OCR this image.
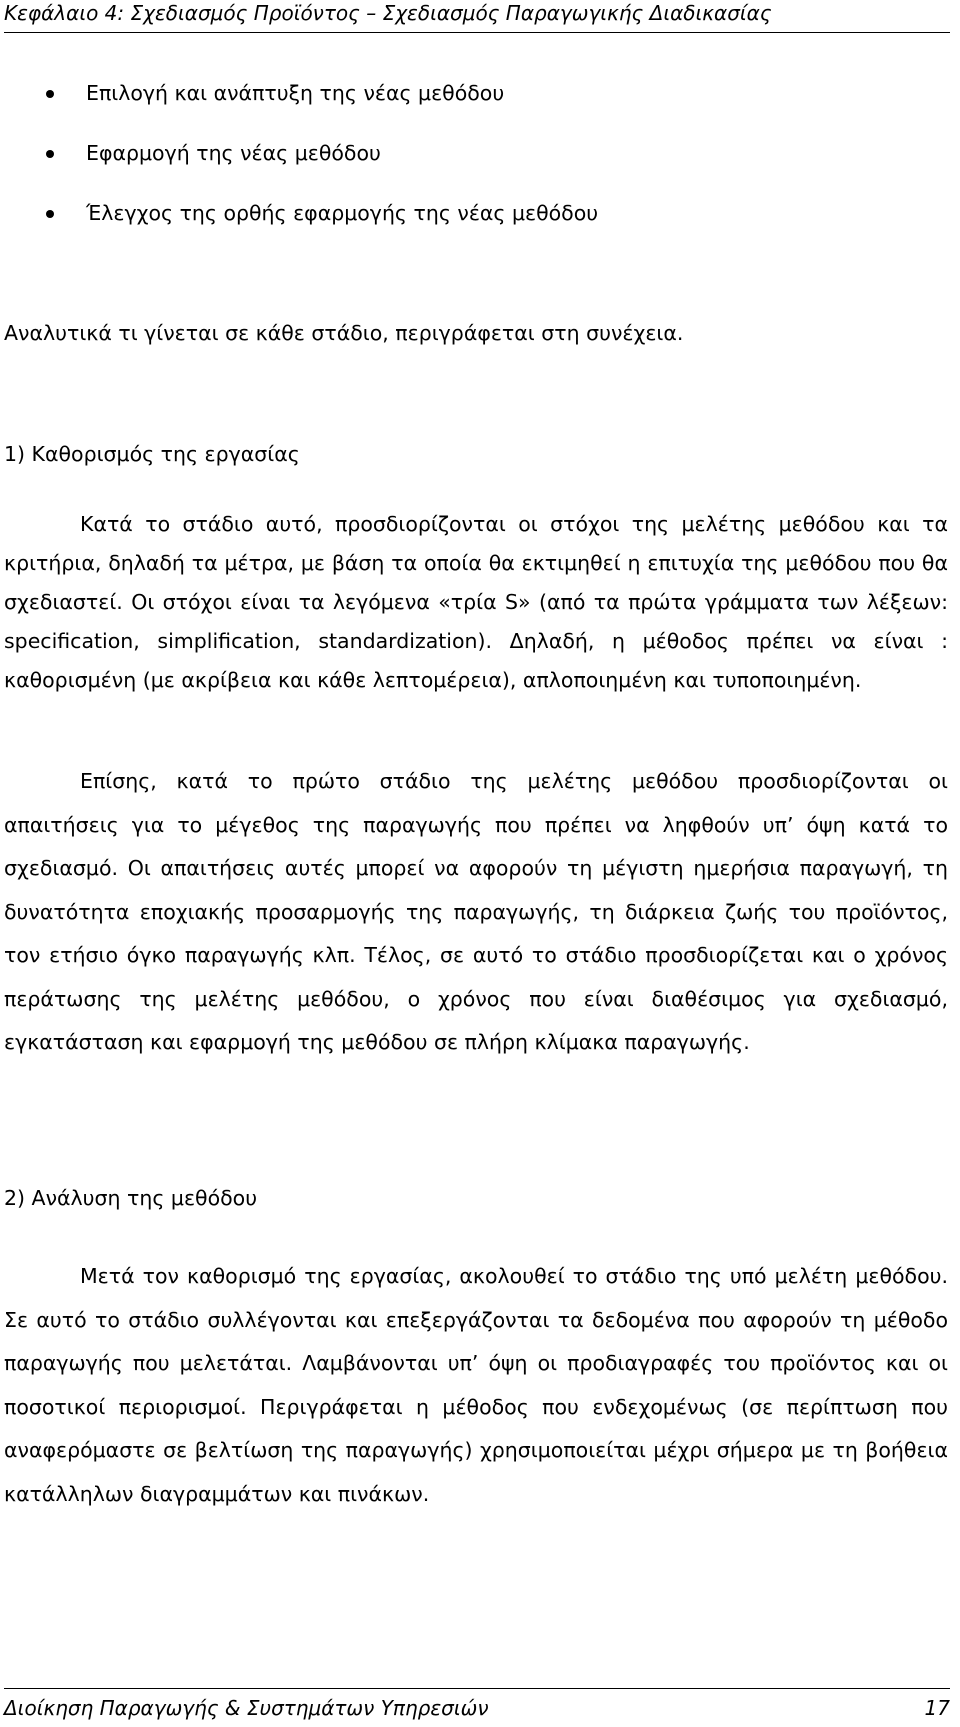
Κεφάλαιο 4: Σχεδιασμός Προϊόντος – Σχεδιασμός Παραγωγικής Διαδικασίας
Επιλογή και ανάπτυξη της νέας μεθόδου
Εφαρμογή της νέας μεθόδου
Έλεγχος της ορθής εφαρμογής της νέας μεθόδου
Αναλυτικά τι γίνεται σε κάθε στάδιο, περιγράφεται στη συνέχεια.
1) Καθορισμός της εργασίας

Κατά το στάδιο αυτό, προσδιορίζονται οι στόχοι της μελέτης μεθόδου και τα κριτήρια, δηλαδή τα μέτρα, με βάση τα οποία θα εκτιμηθεί η επιτυχία της μεθόδου που θα σχεδιαστεί. Οι στόχοι είναι τα λεγόμενα «τρία S» (από τα πρώτα γράμματα των λέξεων: specification, simplification, standardization). Δηλαδή, η μέθοδος πρέπει να είναι : καθορισμένη (με ακρίβεια και κάθε λεπτομέρεια), απλοποιημένη και τυποποιημένη.

Επίσης, κατά το πρώτο στάδιο της μελέτης μεθόδου προσδιορίζονται οι απαιτήσεις για το μέγεθος της παραγωγής που πρέπει να ληφθούν υπ’ όψη κατά το σχεδιασμό. Οι απαιτήσεις αυτές μπορεί να αφορούν τη μέγιστη ημερήσια παραγωγή, τη δυνατότητα εποχιακής προσαρμογής της παραγωγής, τη διάρκεια ζωής του προϊόντος, τον ετήσιο όγκο παραγωγής κλπ. Τέλος, σε αυτό το στάδιο προσδιορίζεται και ο χρόνος περάτωσης της μελέτης μεθόδου, ο χρόνος που είναι διαθέσιμος για σχεδιασμό, εγκατάσταση και εφαρμογή της μεθόδου σε πλήρη κλίμακα παραγωγής.

2) Ανάλυση της μεθόδου

Μετά τον καθορισμό της εργασίας, ακολουθεί το στάδιο της υπό μελέτη μεθόδου. Σε αυτό το στάδιο συλλέγονται και επεξεργάζονται τα δεδομένα που αφορούν τη μέθοδο παραγωγής που μελετάται. Λαμβάνονται υπ’ όψη οι προδιαγραφές του προϊόντος και οι ποσοτικοί περιορισμοί. Περιγράφεται η μέθοδος που ενδεχομένως (σε περίπτωση που αναφερόμαστε σε βελτίωση της παραγωγής) χρησιμοποιείται μέχρι σήμερα με τη βοήθεια κατάλληλων διαγραμμάτων και πινάκων.

Διοίκηση Παραγωγής & Συστημάτων Υπηρεσιών	17
